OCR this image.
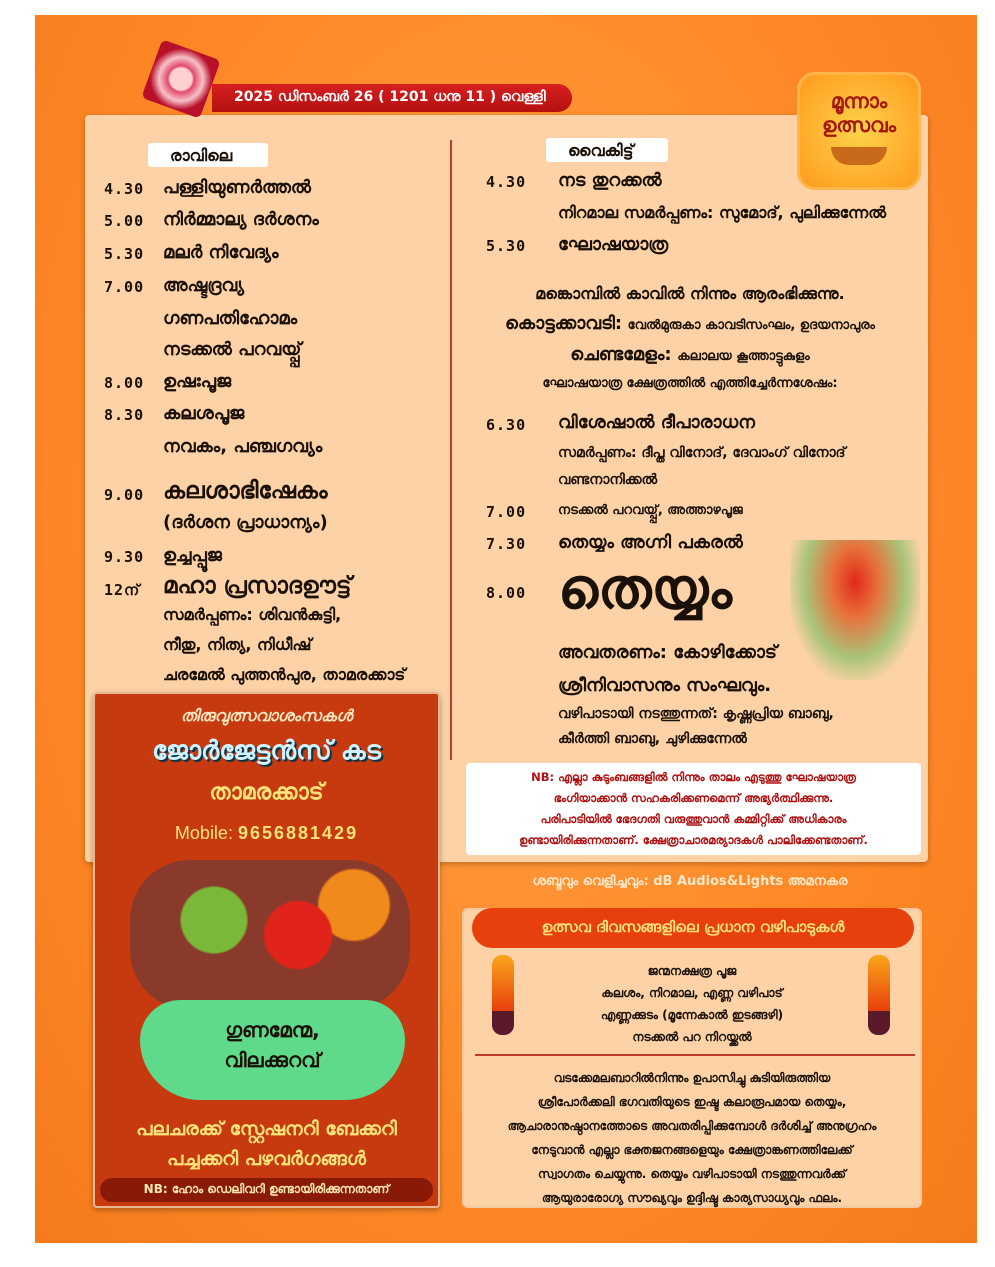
2025 ഡിസംബർ 26 ( 1201 ധനു 11 ) വെള്ളി	മൂന്നാം
ഉത്സവം
രാവിലെ
4.30 പള്ളിയുണർത്തൽ
5.00 നിർമ്മാല്യ ദർശനം
5.30 മലർ നിവേദ്യം
7.00 അഷ്ടദ്രവ്യ
ഗണപതിഹോമം
നടക്കൽ പറവയ്പ്പ്
8.00 ഉഷഃപൂജ
8.30 കലശപൂജ
നവകം, പഞ്ചഗവ്യം
9.00 കലശാഭിഷേകം
(ദർശന പ്രാധാന്യം)
9.30 ഉച്ചപ്പൂജ
12ന് മഹാ പ്രസാദഊട്ട്
സമർപ്പണം: ശിവൻകുട്ടി,
നീതു, നിത്യ, നിധീഷ്
ചരമേൽ പുത്തൻപുര, താമരക്കാട്
വൈകിട്ട്
4.30 നട തുറക്കൽ
നിറമാല സമർപ്പണം: സുമോദ്, പുലിക്കുന്നേൽ
5.30 ഘോഷയാത്ര
മങ്കൊമ്പിൽ കാവിൽ നിന്നും ആരംഭിക്കുന്നു.
കൊട്ടക്കാവടി: വേൽമുരുകാ കാവടിസംഘം, ഉദയനാപുരം
ചെണ്ടമേളം: കലാലയ കൂത്താട്ടുകുളം
ഘോഷയാത്ര ക്ഷേത്രത്തിൽ എത്തിച്ചേർന്നശേഷം:
6.30 വിശേഷാൽ ദീപാരാധന
സമർപ്പണം: ദീപ്ത വിനോദ്, ദേവാംഗ് വിനോദ്
വണ്ടനാനിക്കൽ
7.00 നടക്കൽ പറവയ്പ്പ്, അത്താഴപൂജ
7.30 തെയ്യം അഗ്നി പകരൽ
8.00 തെയ്യം
അവതരണം: കോഴിക്കോട്
ശ്രീനിവാസനും സംഘവും.
വഴിപാടായി നടത്തുന്നത്: കൃഷ്ണപ്രിയ ബാബു,
കീർത്തി ബാബു, ചുഴിക്കുന്നേൽ
NB: എല്ലാ കുടുംബങ്ങളിൽ നിന്നും താലം എടുത്തു ഘോഷയാത്ര
ഭംഗിയാക്കാൻ സഹകരിക്കണമെന്ന് അഭ്യർത്ഥിക്കുന്നു.
പരിപാടിയിൽ ഭേദഗതി വരുത്തുവാൻ കമ്മിറ്റിക്ക് അധികാരം
ഉണ്ടായിരിക്കുന്നതാണ്. ക്ഷേത്രാചാരമര്യാദകൾ പാലിക്കേണ്ടതാണ്.
ശബ്ദവും വെളിച്ചവും: dB Audios&Lights അമനകര
തിരുവുത്സവാശംസകൾ
ജോർജേട്ടൻസ് കട
താമരക്കാട്
Mobile: 9656881429
ഗുണമേന്മ,
വിലക്കുറവ്
പലചരക്ക് സ്റ്റേഷനറി ബേക്കറി
പച്ചക്കറി പഴവർഗങ്ങൾ
NB: ഹോം ഡെലിവറി ഉണ്ടായിരിക്കുന്നതാണ്
ഉത്സവ ദിവസങ്ങളിലെ പ്രധാന വഴിപാടുകൾ
ജന്മനക്ഷത്ര പൂജ
കലശം, നിറമാല, എണ്ണ വഴിപാട്
എണ്ണക്കുടം (മൂന്നേകാൽ ഇടങ്ങഴി)
നടക്കൽ പറ നിറയ്ക്കൽ
വടക്കേമലബാറിൽനിന്നും ഉപാസിച്ചു കുടിയിരുത്തിയ
ശ്രീപോർക്കലി ഭഗവതിയുടെ ഇഷ്ട കലാരൂപമായ തെയ്യം,
ആചാരാനുഷ്ഠാനത്തോടെ അവതരിപ്പിക്കുമ്പോൾ ദർശിച്ച് അനുഗ്രഹം
നേടുവാൻ എല്ലാ ഭക്തജനങ്ങളെയും ക്ഷേത്രാങ്കണത്തിലേക്ക്
സ്വാഗതം ചെയ്യുന്നു. തെയ്യം വഴിപാടായി നടത്തുന്നവർക്ക്
ആയുരാരോഗ്യ സൗഖ്യവും ഉദ്ദിഷ്ട കാര്യസാധ്യവും ഫലം.
